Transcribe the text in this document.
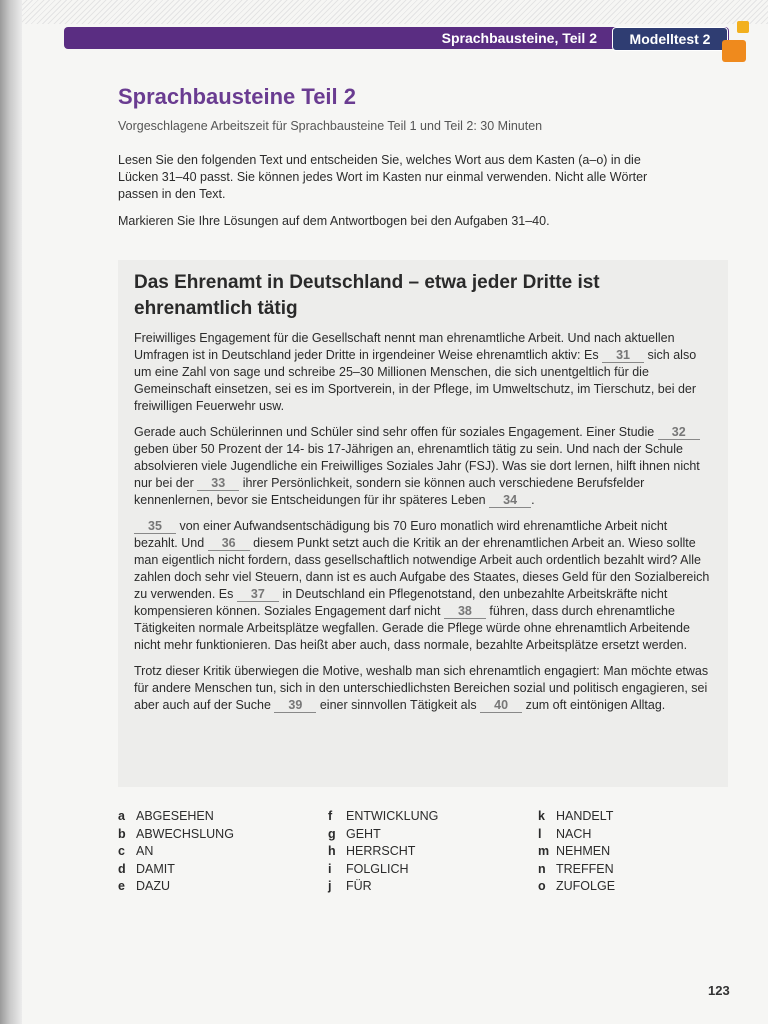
Sprachbausteine, Teil 2	Modelltest 2
Sprachbausteine Teil 2

Vorgeschlagene Arbeitszeit für Sprachbausteine Teil 1 und Teil 2: 30 Minuten

Lesen Sie den folgenden Text und entscheiden Sie, welches Wort aus dem Kasten (a–o) in die Lücken 31–40 passt. Sie können jedes Wort im Kasten nur einmal verwenden. Nicht alle Wörter passen in den Text.

Markieren Sie Ihre Lösungen auf dem Antwortbogen bei den Aufgaben 31–40.

Das Ehrenamt in Deutschland – etwa jeder Dritte ist ehrenamtlich tätig

Freiwilliges Engagement für die Gesellschaft nennt man ehrenamtliche Arbeit. Und nach aktuellen Umfragen ist in Deutschland jeder Dritte in irgendeiner Weise ehrenamtlich aktiv: Es 31 sich also um eine Zahl von sage und schreibe 25–30 Millionen Menschen, die sich unentgeltlich für die Gemeinschaft einsetzen, sei es im Sportverein, in der Pflege, im Umweltschutz, im Tierschutz, bei der freiwilligen Feuerwehr usw.

Gerade auch Schülerinnen und Schüler sind sehr offen für soziales Engagement. Einer Studie 32 geben über 50 Prozent der 14- bis 17-Jährigen an, ehrenamtlich tätig zu sein. Und nach der Schule absolvieren viele Jugendliche ein Freiwilliges Soziales Jahr (FSJ). Was sie dort lernen, hilft ihnen nicht nur bei der 33 ihrer Persönlichkeit, sondern sie können auch verschiedene Berufsfelder kennenlernen, bevor sie Entscheidungen für ihr späteres Leben 34 .

35 von einer Aufwandsentschädigung bis 70 Euro monatlich wird ehrenamtliche Arbeit nicht bezahlt. Und 36 diesem Punkt setzt auch die Kritik an der ehrenamtlichen Arbeit an. Wieso sollte man eigentlich nicht fordern, dass gesellschaftlich notwendige Arbeit auch ordentlich bezahlt wird? Alle zahlen doch sehr viel Steuern, dann ist es auch Aufgabe des Staates, dieses Geld für den Sozialbereich zu verwenden. Es 37 in Deutschland ein Pflegenotstand, den unbezahlte Arbeitskräfte nicht kompensieren können. Soziales Engagement darf nicht 38 führen, dass durch ehrenamtliche Tätigkeiten normale Arbeitsplätze wegfallen. Gerade die Pflege würde ohne ehrenamtlich Arbeitende nicht mehr funktionieren. Das heißt aber auch, dass normale, bezahlte Arbeitsplätze ersetzt werden.

Trotz dieser Kritik überwiegen die Motive, weshalb man sich ehrenamtlich engagiert: Man möchte etwas für andere Menschen tun, sich in den unterschiedlichsten Bereichen sozial und politisch engagieren, sei aber auch auf der Suche 39 einer sinnvollen Tätigkeit als 40 zum oft eintönigen Alltag.

a ABGESEHEN
b ABWECHSLUNG
c AN
d DAMIT
e DAZU
f ENTWICKLUNG
g GEHT
h HERRSCHT
i FOLGLICH
j FÜR
k HANDELT
l NACH
m NEHMEN
n TREFFEN
o ZUFOLGE
123
